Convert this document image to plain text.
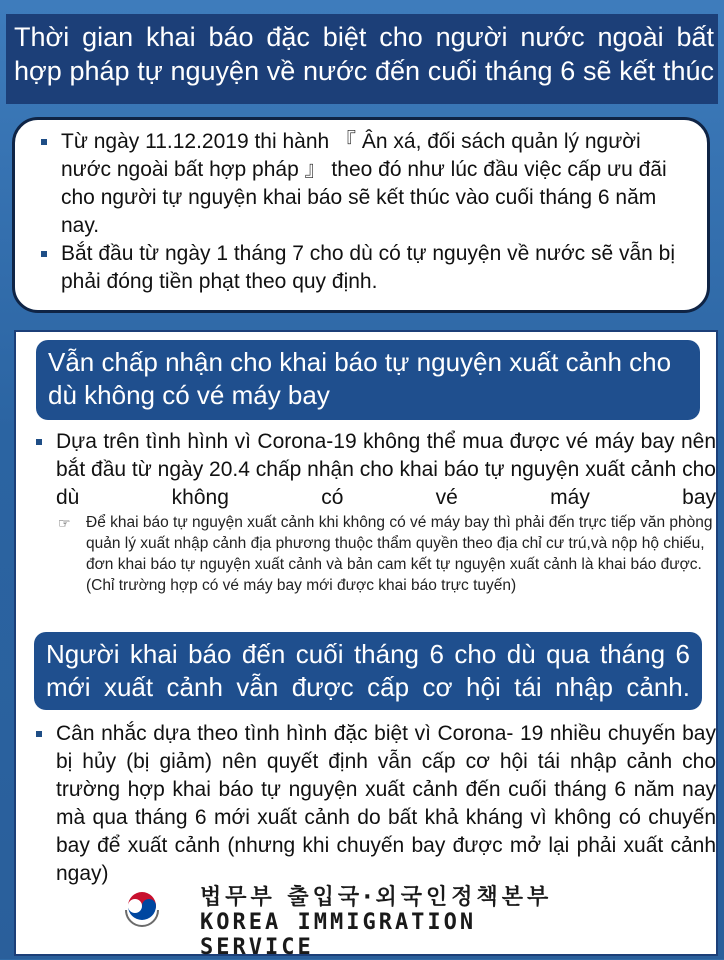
Thời gian khai báo đặc biệt cho người nước ngoài bất hợp pháp tự nguyện về nước đến cuối tháng 6 sẽ kết thúc
Từ ngày 11.12.2019 thi hành 『 Ân xá, đối sách quản lý người nước ngoài bất hợp pháp 』 theo đó như lúc đầu việc cấp ưu đãi cho người tự nguyện khai báo sẽ kết thúc vào cuối tháng 6 năm nay.
Bắt đầu từ ngày 1 tháng 7 cho dù có tự nguyện về nước sẽ vẫn bị phải đóng tiền phạt theo quy định.
Vẫn chấp nhận cho khai báo tự nguyện xuất cảnh cho dù không có vé máy bay
Dựa trên tình hình vì Corona-19 không thể mua được vé máy bay nên bắt đầu từ ngày 20.4 chấp nhận cho khai báo tự nguyện xuất cảnh cho dù không có vé máy bay
☞ Để khai báo tự nguyện xuất cảnh khi không có vé máy bay thì phải đến trực tiếp văn phòng quản lý xuất nhập cảnh địa phương thuộc thẩm quyền theo địa chỉ cư trú,và nộp hộ chiếu, đơn khai báo tự nguyện xuất cảnh và bản cam kết tự nguyện xuất cảnh là khai báo được. (Chỉ trường hợp có vé máy bay mới được khai báo trực tuyến)
Người khai báo đến cuối tháng 6 cho dù qua tháng 6 mới xuất cảnh vẫn được cấp cơ hội tái nhập cảnh.
Cân nhắc dựa theo tình hình đặc biệt vì Corona- 19 nhiều chuyến bay bị hủy (bị giảm) nên quyết định vẫn cấp cơ hội tái nhập cảnh cho trường hợp khai báo tự nguyện xuất cảnh đến cuối tháng 6 năm nay mà qua tháng 6 mới xuất cảnh do bất khả kháng vì không có chuyến bay để xuất cảnh (nhưng khi chuyến bay được mở lại phải xuất cảnh ngay)
법무부 출입국·외국인정책본부
KOREA IMMIGRATION SERVICE
